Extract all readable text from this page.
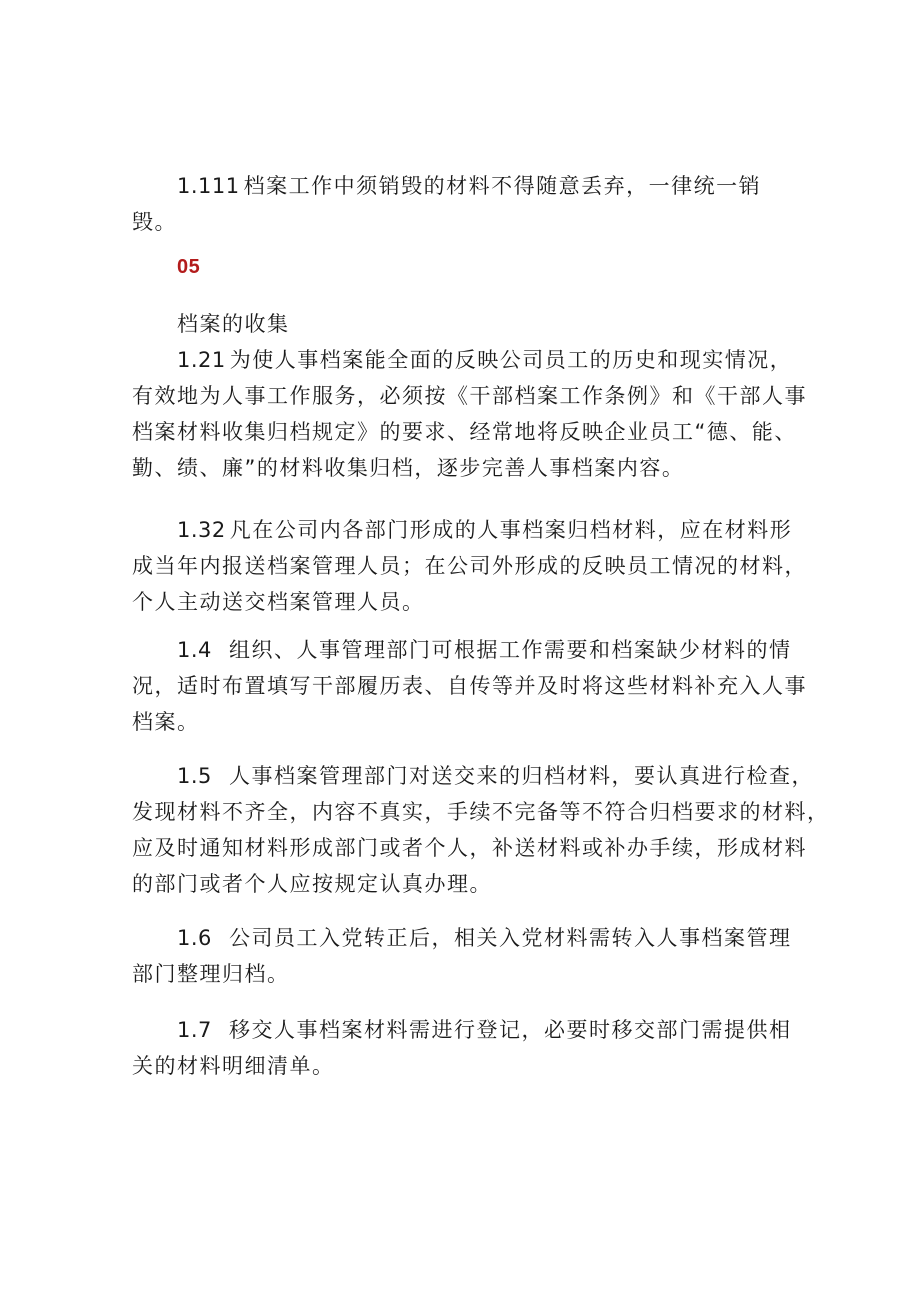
1.111 档案工作中须销毁的材料不得随意丢弃，一律统一销
毁。
05
档案的收集
1.21 为使人事档案能全面的反映公司员工的历史和现实情况，
有效地为人事工作服务，必须按《干部档案工作条例》和《干部人事
档案材料收集归档规定》的要求、经常地将反映企业员工“德、能、
勤、绩、廉”的材料收集归档，逐步完善人事档案内容。
1.32 凡在公司内各部门形成的人事档案归档材料，应在材料形
成当年内报送档案管理人员；在公司外形成的反映员工情况的材料，
个人主动送交档案管理人员。
1.4 组织、人事管理部门可根据工作需要和档案缺少材料的情
况，适时布置填写干部履历表、自传等并及时将这些材料补充入人事
档案。
1.5 人事档案管理部门对送交来的归档材料，要认真进行检查，
发现材料不齐全，内容不真实，手续不完备等不符合归档要求的材料，
应及时通知材料形成部门或者个人，补送材料或补办手续，形成材料
的部门或者个人应按规定认真办理。
1.6 公司员工入党转正后，相关入党材料需转入人事档案管理
部门整理归档。
1.7 移交人事档案材料需进行登记，必要时移交部门需提供相
关的材料明细清单。
